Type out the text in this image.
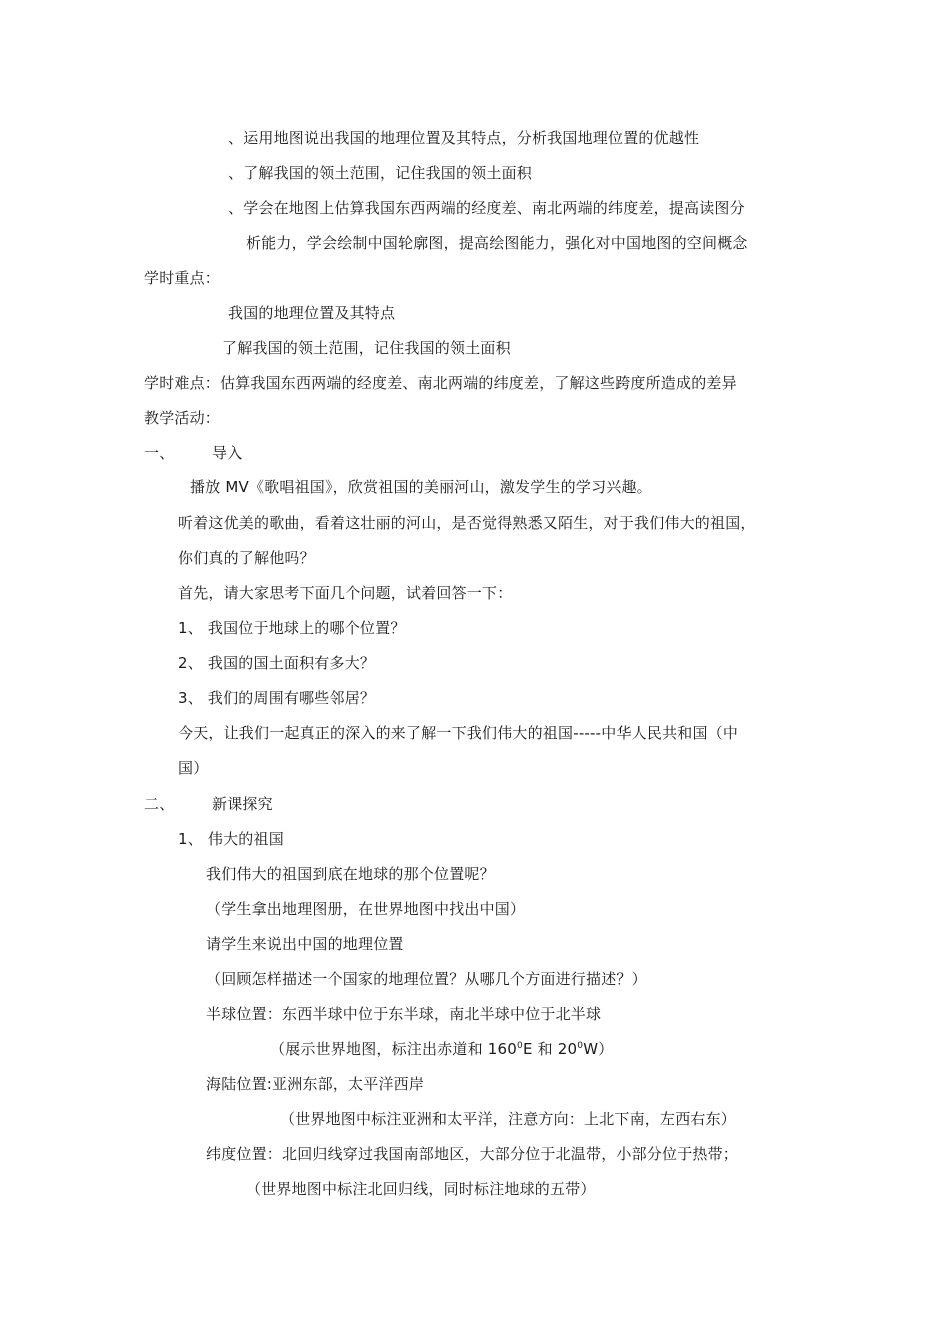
、运用地图说出我国的地理位置及其特点，分析我国地理位置的优越性
、了解我国的领土范围，记住我国的领土面积
、学会在地图上估算我国东西两端的经度差、南北两端的纬度差，提高读图分
析能力，学会绘制中国轮廓图，提高绘图能力，强化对中国地图的空间概念
学时重点：
我国的地理位置及其特点
了解我国的领土范围，记住我国的领土面积
学时难点：估算我国东西两端的经度差、南北两端的纬度差，了解这些跨度所造成的差异
教学活动：
一、	导入
播放 MV《歌唱祖国》，欣赏祖国的美丽河山，激发学生的学习兴趣。
听着这优美的歌曲，看着这壮丽的河山，是否觉得熟悉又陌生，对于我们伟大的祖国，
你们真的了解他吗？
首先，请大家思考下面几个问题，试着回答一下：
1、 我国位于地球上的哪个位置？
2、 我国的国土面积有多大？
3、 我们的周围有哪些邻居？
今天，让我们一起真正的深入的来了解一下我们伟大的祖国-----中华人民共和国（中
国）
二、	新课探究
1、 伟大的祖国
我们伟大的祖国到底在地球的那个位置呢？
（学生拿出地理图册，在世界地图中找出中国）
请学生来说出中国的地理位置
（回顾怎样描述一个国家的地理位置？从哪几个方面进行描述？）
半球位置：东西半球中位于东半球，南北半球中位于北半球
（展示世界地图，标注出赤道和 $160^0E$ 和 $20^0W$）
海陆位置:亚洲东部，太平洋西岸
（世界地图中标注亚洲和太平洋，注意方向：上北下南，左西右东）
纬度位置：北回归线穿过我国南部地区，大部分位于北温带，小部分位于热带；
（世界地图中标注北回归线，同时标注地球的五带）
